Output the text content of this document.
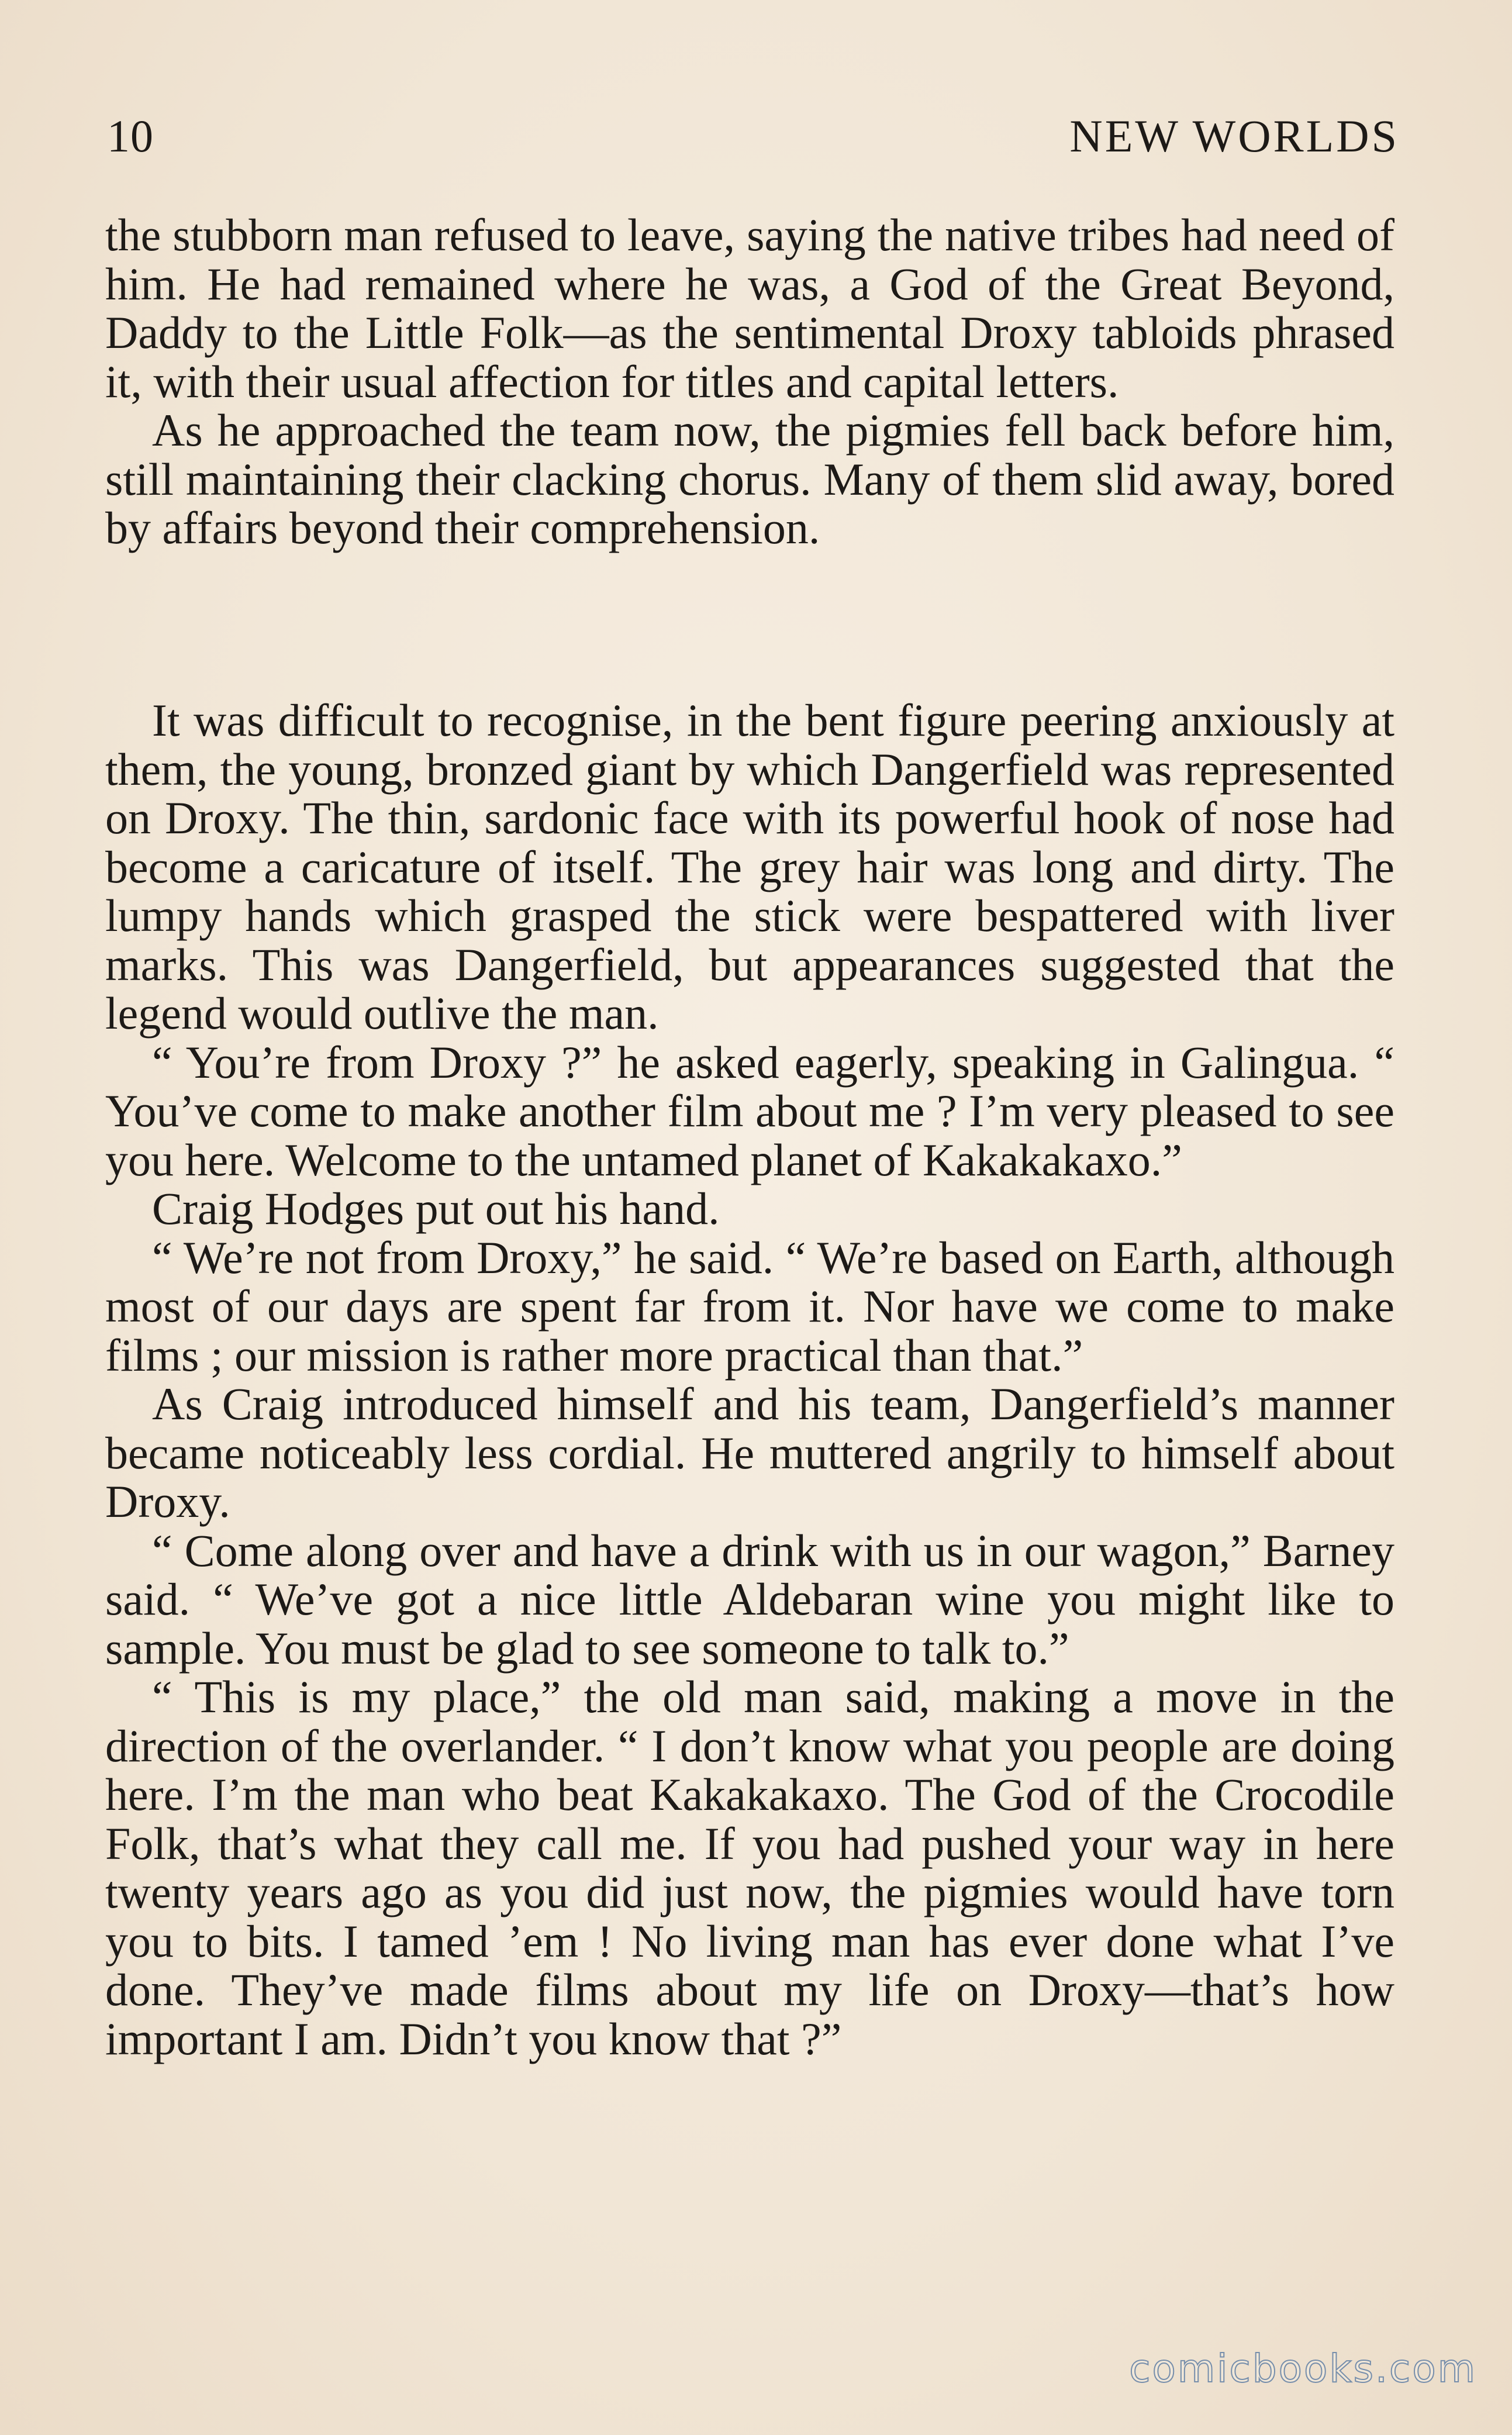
10	NEW WORLDS

the stubborn man refused to leave, saying the native tribes had need of him. He had remained where he was, a God of the Great Beyond, Daddy to the Little Folk—as the sentimental Droxy tabloids phrased it, with their usual affection for titles and capital letters.

As he approached the team now, the pigmies fell back before him, still maintaining their clacking chorus. Many of them slid away, bored by affairs beyond their comprehension.

It was difficult to recognise, in the bent figure peering anxiously at them, the young, bronzed giant by which Dangerfield was represented on Droxy. The thin, sardonic face with its powerful hook of nose had become a caricature of itself. The grey hair was long and dirty. The lumpy hands which grasped the stick were bespattered with liver marks. This was Dangerfield, but appearances suggested that the legend would outlive the man.

“ You’re from Droxy ?” he asked eagerly, speaking in Galingua. “ You’ve come to make another film about me ? I’m very pleased to see you here. Welcome to the untamed planet of Kakakakaxo.”

Craig Hodges put out his hand.

“ We’re not from Droxy,” he said. “ We’re based on Earth, although most of our days are spent far from it. Nor have we come to make films ; our mission is rather more practical than that.”

As Craig introduced himself and his team, Dangerfield’s manner became noticeably less cordial. He muttered angrily to himself about Droxy.

“ Come along over and have a drink with us in our wagon,” Barney said. “ We’ve got a nice little Aldebaran wine you might like to sample. You must be glad to see someone to talk to.”

“ This is my place,” the old man said, making a move in the direction of the overlander. “ I don’t know what you people are doing here. I’m the man who beat Kakakakaxo. The God of the Crocodile Folk, that’s what they call me. If you had pushed your way in here twenty years ago as you did just now, the pigmies would have torn you to bits. I tamed ’em ! No living man has ever done what I’ve done. They’ve made films about my life on Droxy—that’s how important I am. Didn’t you know that ?”

comicbooks.com
